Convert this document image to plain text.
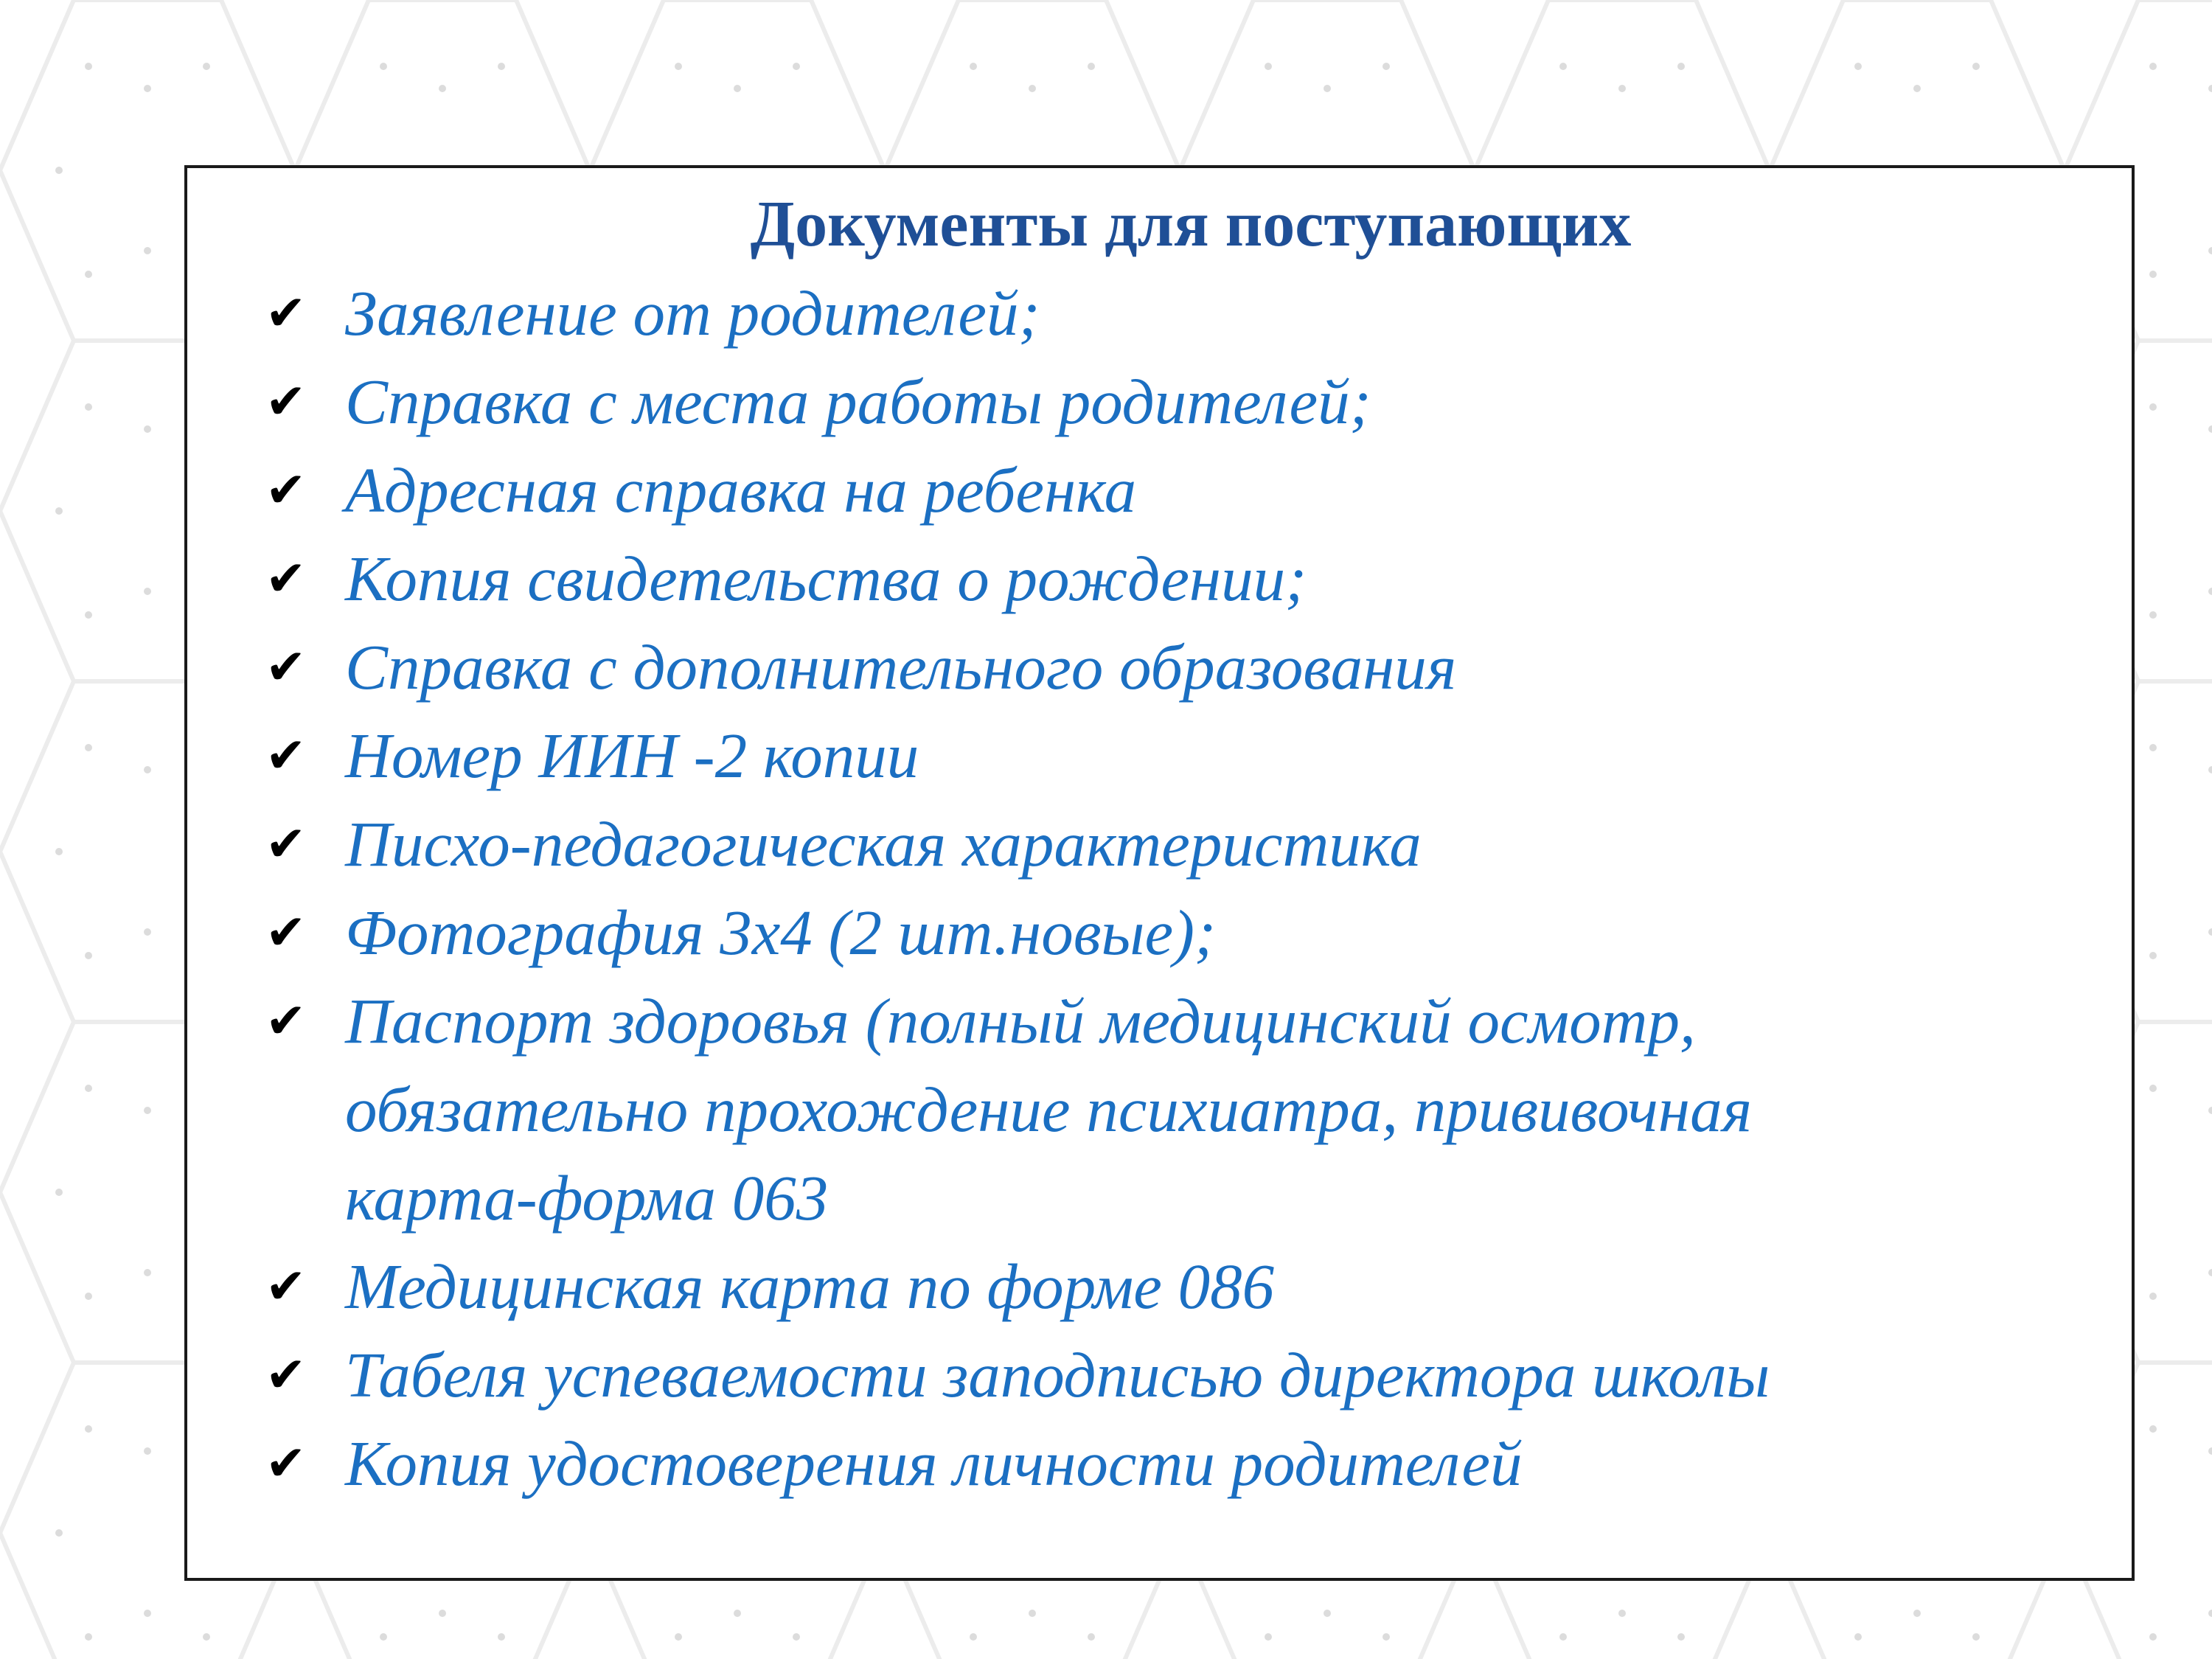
Документы для поступающих
✔ Заявление от родителей;
✔ Справка с места работы родителей;
✔ Адресная справка на ребенка
✔ Копия свидетельства о рождении;
✔ Справка с дополнительного образования
✔ Номер ИИН -2 копии
✔ Писхо-педагогическая характеристика
✔ Фотография 3х4 (2 шт.новые);
✔ Паспорт здоровья (полный медицинский осмотр,
обязательно прохождение психиатра, прививочная
карта-форма 063
✔ Медицинская карта по форме 086
✔ Табеля успеваемости заподписью директора школы
✔ Копия удостоверения личности родителей
